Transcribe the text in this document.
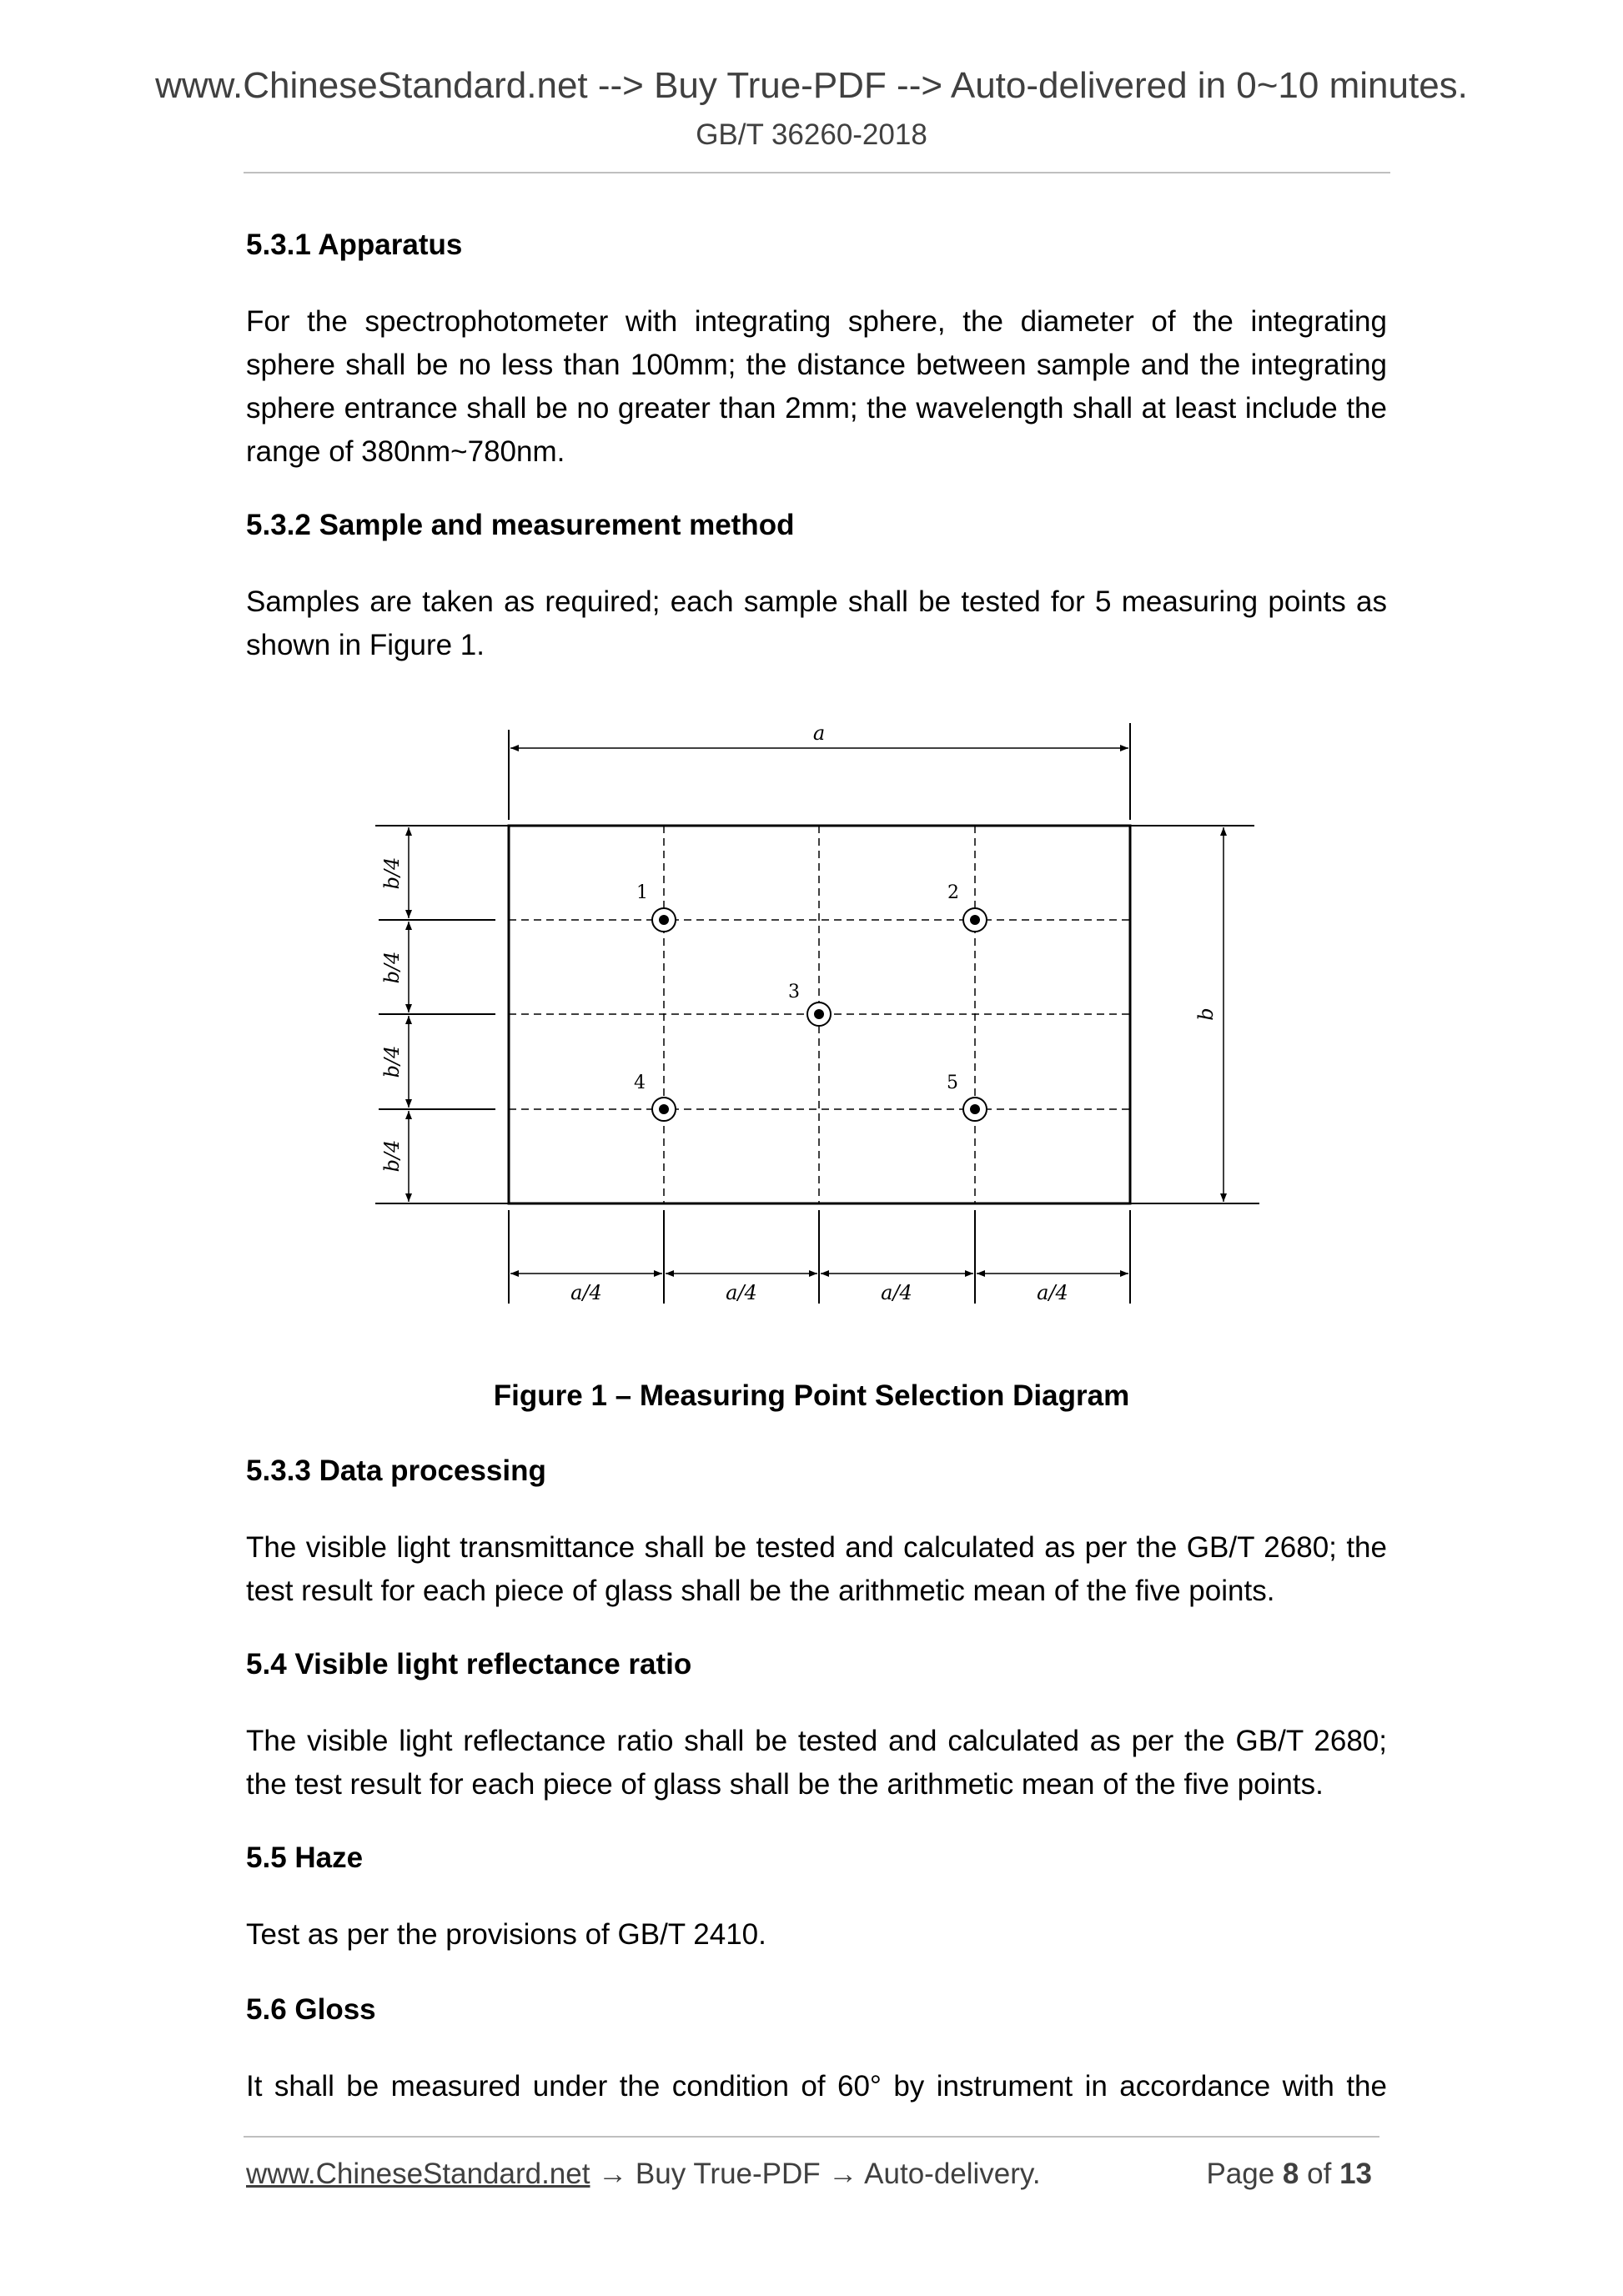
www.ChineseStandard.net --> Buy True-PDF --> Auto-delivered in 0~10 minutes.
GB/T 36260-2018
5.3.1 Apparatus
For the spectrophotometer with integrating sphere, the diameter of the integrating sphere shall be no less than 100mm; the distance between sample and the integrating sphere entrance shall be no greater than 2mm; the wavelength shall at least include the range of 380nm~780nm.
5.3.2 Sample and measurement method
Samples are taken as required; each sample shall be tested for 5 measuring points as shown in Figure 1.
a
b/4
b/4
b/4
b/4
b
a/4	a/4	a/4	a/4
1	2
3
4	5
Figure 1 – Measuring Point Selection Diagram
5.3.3 Data processing
The visible light transmittance shall be tested and calculated as per the GB/T 2680; the test result for each piece of glass shall be the arithmetic mean of the five points.
5.4 Visible light reflectance ratio
The visible light reflectance ratio shall be tested and calculated as per the GB/T 2680; the test result for each piece of glass shall be the arithmetic mean of the five points.
5.5 Haze
Test as per the provisions of GB/T 2410.
5.6 Gloss
It shall be measured under the condition of 60° by instrument in accordance with the
www.ChineseStandard.net → Buy True-PDF → Auto-delivery.	Page 8 of 13
